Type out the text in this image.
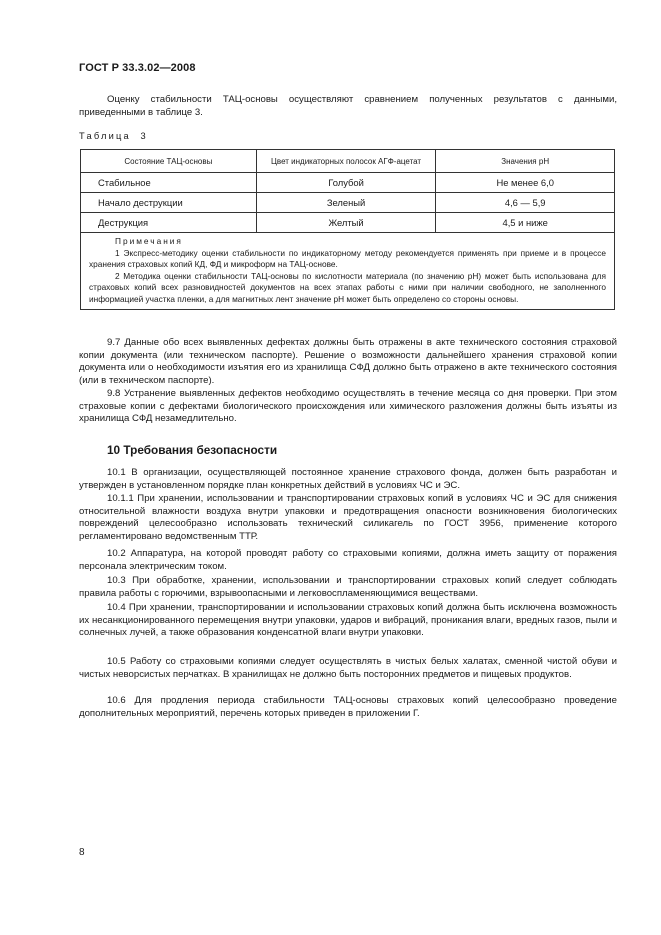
ГОСТ Р 33.3.02—2008

Оценку стабильности ТАЦ-основы осуществляют сравнением полученных результатов с данными, приведенными в таблице 3.

Таблица 3
Состояние ТАЦ-основы	Цвет индикаторных полосок АГФ-ацетат	Значения pH
Стабильное	Голубой	Не менее 6,0
Начало деструкции	Зеленый	4,6 — 5,9
Деструкция	Желтый	4,5 и ниже

Примечания
1 Экспресс-методику оценки стабильности по индикаторному методу рекомендуется применять при приеме и в процессе хранения страховых копий КД, ФД и микроформ на ТАЦ-основе.
2 Методика оценки стабильности ТАЦ-основы по кислотности материала (по значению pH) может быть использована для страховых копий всех разновидностей документов на всех этапах работы с ними при наличии свободного, не заполненного информацией участка пленки, а для магнитных лент значение pH может быть определено со стороны основы.		

9.7 Данные обо всех выявленных дефектах должны быть отражены в акте технического состояния страховой копии документа (или техническом паспорте). Решение о возможности дальнейшего хранения страховой копии документа или о необходимости изъятия его из хранилища СФД должно быть отражено в акте технического состояния (или в техническом паспорте).

9.8 Устранение выявленных дефектов необходимо осуществлять в течение месяца со дня проверки. При этом страховые копии с дефектами биологического происхождения или химического разложения должны быть изъяты из хранилища СФД незамедлительно.

10 Требования безопасности

10.1 В организации, осуществляющей постоянное хранение страхового фонда, должен быть разработан и утвержден в установленном порядке план конкретных действий в условиях ЧС и ЭС.

10.1.1 При хранении, использовании и транспортировании страховых копий в условиях ЧС и ЭС для снижения относительной влажности воздуха внутри упаковки и предотвращения опасности возникновения биологических повреждений целесообразно использовать технический силикагель по ГОСТ 3956, применение которого регламентировано ведомственным ТТР.

10.2 Аппаратура, на которой проводят работу со страховыми копиями, должна иметь защиту от поражения персонала электрическим током.

10.3 При обработке, хранении, использовании и транспортировании страховых копий следует соблюдать правила работы с горючими, взрывоопасными и легковоспламеняющимися веществами.

10.4 При хранении, транспортировании и использовании страховых копий должна быть исключена возможность их несанкционированного перемещения внутри упаковки, ударов и вибраций, проникания влаги, вредных газов, пыли и солнечных лучей, а также образования конденсатной влаги внутри упаковки.

10.5 Работу со страховыми копиями следует осуществлять в чистых белых халатах, сменной чистой обуви и чистых неворсистых перчатках. В хранилищах не должно быть посторонних предметов и пищевых продуктов.

10.6 Для продления периода стабильности ТАЦ-основы страховых копий целесообразно проведение дополнительных мероприятий, перечень которых приведен в приложении Г.

8
